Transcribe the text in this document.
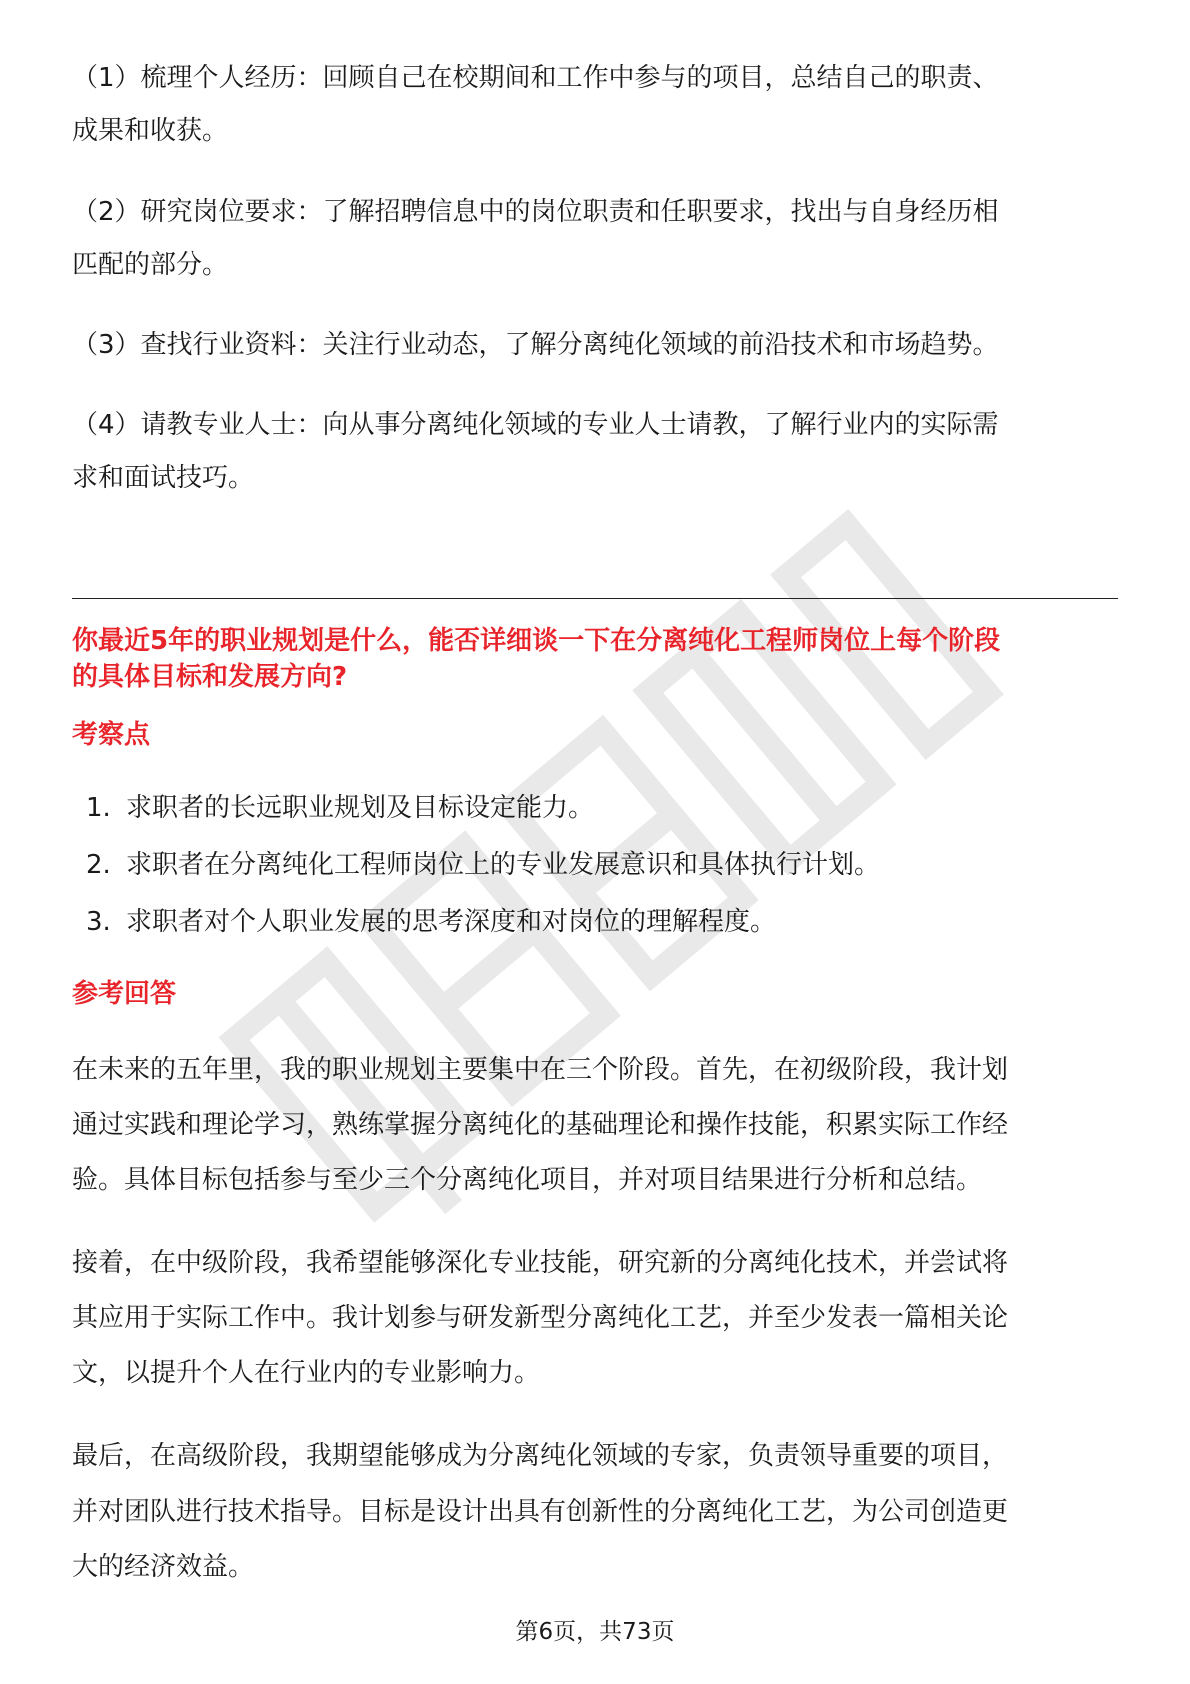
（1）梳理个人经历：回顾自己在校期间和工作中参与的项目，总结自己的职责、
成果和收获。
（2）研究岗位要求：了解招聘信息中的岗位职责和任职要求，找出与自身经历相
匹配的部分。
（3）查找行业资料：关注行业动态，了解分离纯化领域的前沿技术和市场趋势。
（4）请教专业人士：向从事分离纯化领域的专业人士请教，了解行业内的实际需
求和面试技巧。
你最近5年的职业规划是什么，能否详细谈一下在分离纯化工程师岗位上每个阶段
的具体目标和发展方向?
考察点
1. 求职者的长远职业规划及目标设定能力。
2. 求职者在分离纯化工程师岗位上的专业发展意识和具体执行计划。
3. 求职者对个人职业发展的思考深度和对岗位的理解程度。
参考回答
在未来的五年里，我的职业规划主要集中在三个阶段。首先，在初级阶段，我计划
通过实践和理论学习，熟练掌握分离纯化的基础理论和操作技能，积累实际工作经
验。具体目标包括参与至少三个分离纯化项目，并对项目结果进行分析和总结。
接着，在中级阶段，我希望能够深化专业技能，研究新的分离纯化技术，并尝试将
其应用于实际工作中。我计划参与研发新型分离纯化工艺，并至少发表一篇相关论
文，以提升个人在行业内的专业影响力。
最后，在高级阶段，我期望能够成为分离纯化领域的专家，负责领导重要的项目，
并对团队进行技术指导。目标是设计出具有创新性的分离纯化工艺，为公司创造更
大的经济效益。
第6页，共73页
